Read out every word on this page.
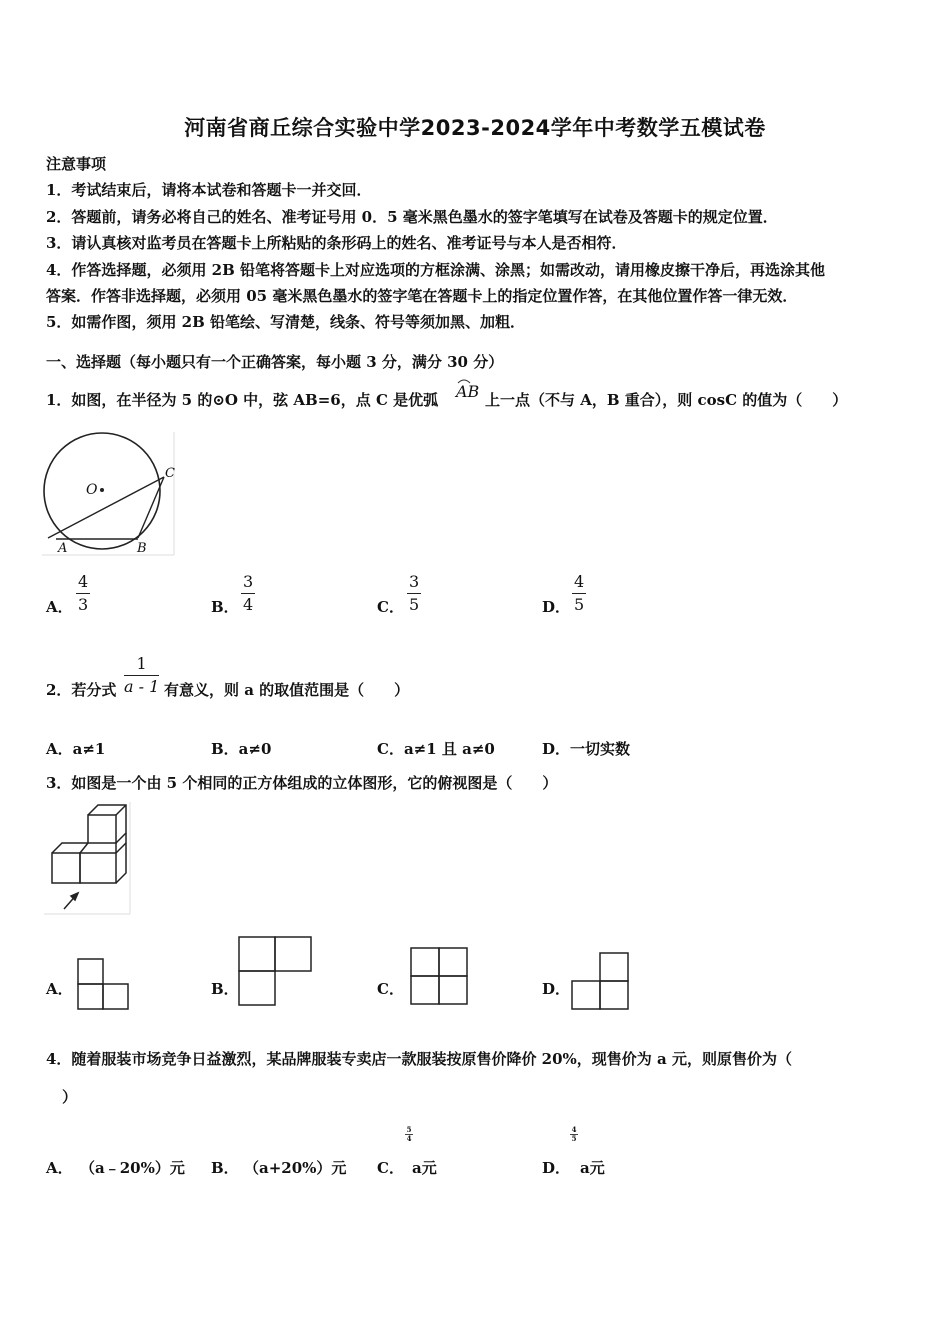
河南省商丘综合实验中学2023-2024学年中考数学五模试卷
注意事项
1．考试结束后，请将本试卷和答题卡一并交回．
2．答题前，请务必将自己的姓名、准考证号用 0．5 毫米黑色墨水的签字笔填写在试卷及答题卡的规定位置．
3．请认真核对监考员在答题卡上所粘贴的条形码上的姓名、准考证号与本人是否相符．
4．作答选择题，必须用 2B 铅笔将答题卡上对应选项的方框涂满、涂黑；如需改动，请用橡皮擦干净后，再选涂其他
答案．作答非选择题，必须用 05 毫米黑色墨水的签字笔在答题卡上的指定位置作答，在其他位置作答一律无效．
5．如需作图，须用 2B 铅笔绘、写清楚，线条、符号等须加黑、加粗．
一、选择题（每小题只有一个正确答案，每小题 3 分，满分 30 分）
1．如图，在半径为 5 的⊙O 中，弦 AB=6，点 C 是优弧 AB 上一点（不与 A，B 重合），则 cosC 的值为（　　）
O
A	B
C
A． $\frac{4}{3}$	B． $\frac{3}{4}$	C． $\frac{3}{5}$	D． $\frac{4}{5}$
2．若分式 $\frac{1}{a - 1}$ 有意义，则 a 的取值范围是（　　）
A．a≠1	B．a≠0	C．a≠1 且 a≠0	D．一切实数
3．如图是一个由 5 个相同的正方体组成的立体图形，它的俯视图是（　　）
A．	B．	C．	D．
4．随着服装市场竞争日益激烈，某品牌服装专卖店一款服装按原售价降价 20%，现售价为 a 元，则原售价为（
）
A． （a﹣20%）元 B． （a+20%）元 C．
5
4
a元	D．
4
5
a元
